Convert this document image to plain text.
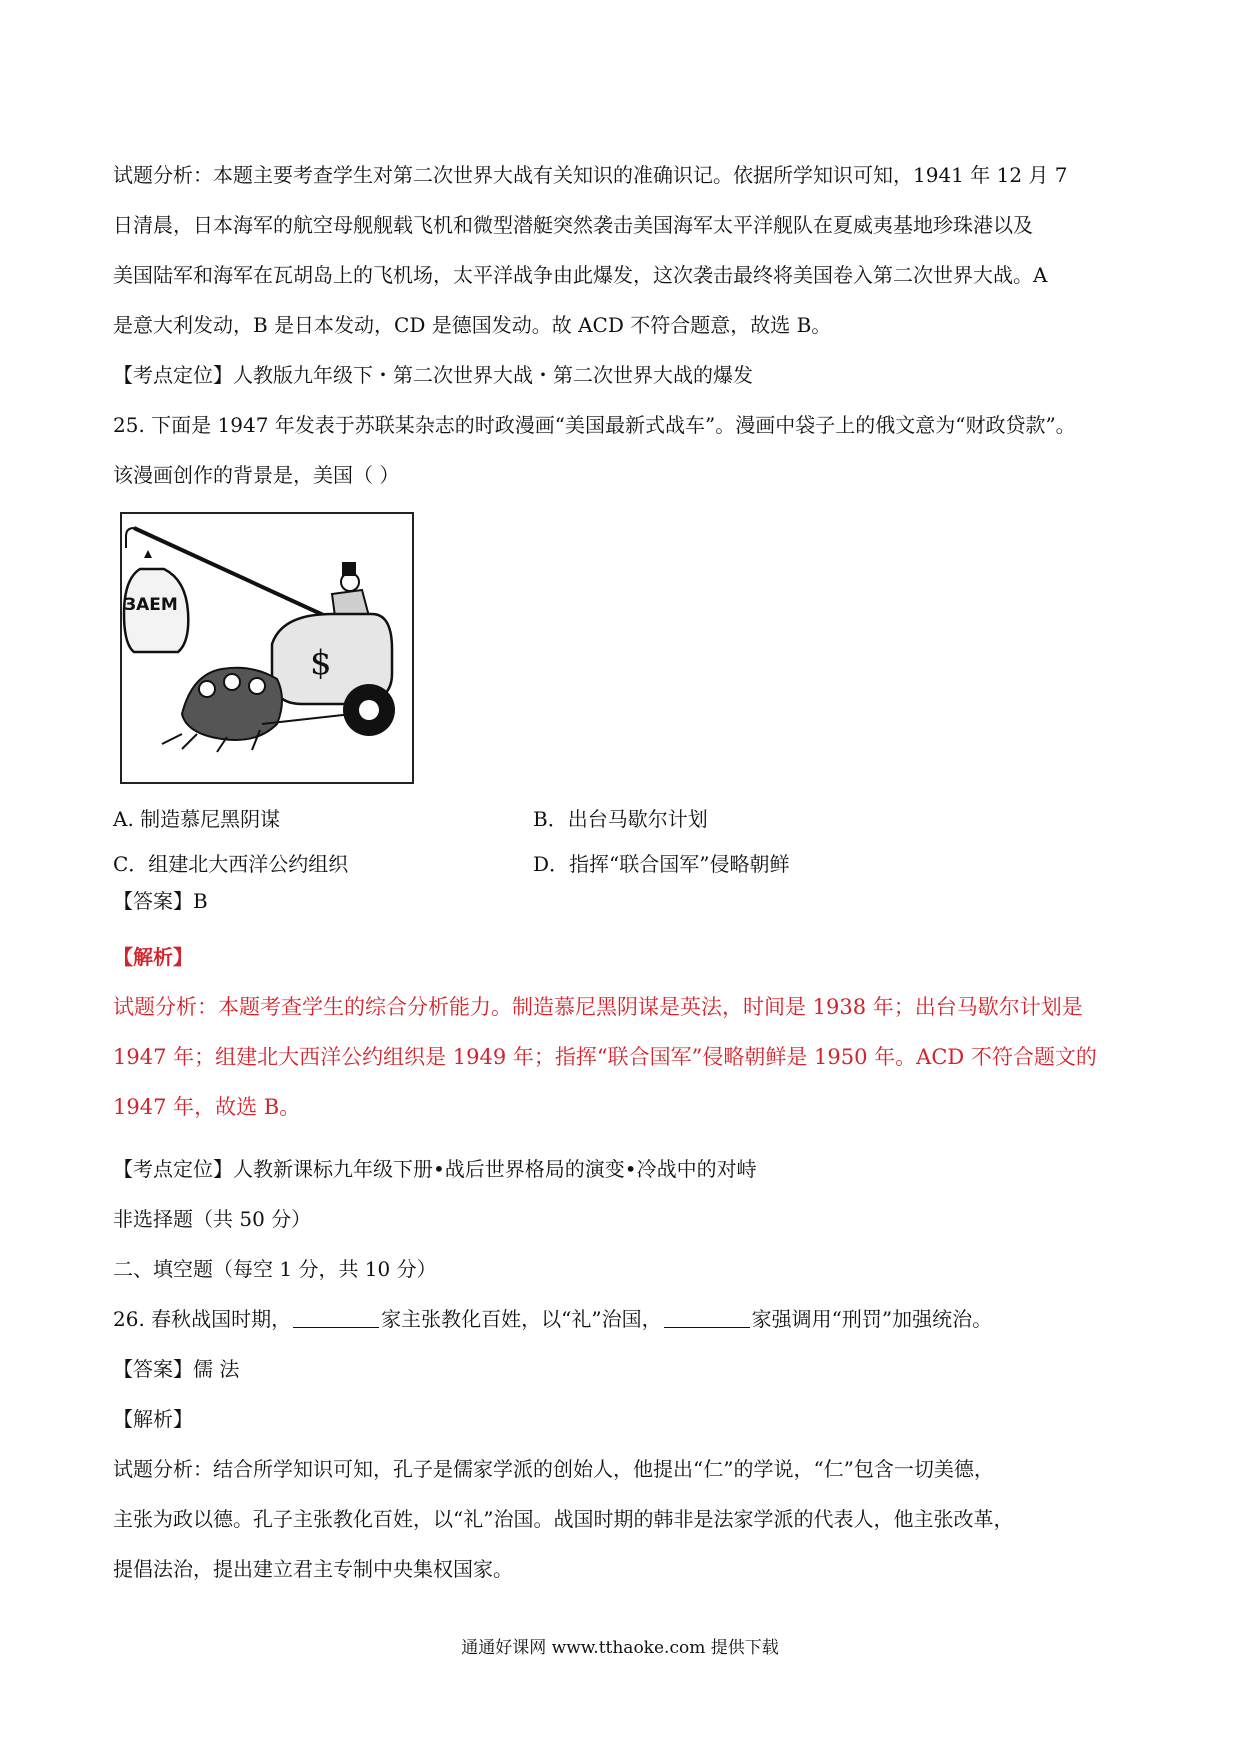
试题分析：本题主要考查学生对第二次世界大战有关知识的准确识记。依据所学知识可知，1941 年 12 月 7

日清晨，日本海军的航空母舰舰载飞机和微型潜艇突然袭击美国海军太平洋舰队在夏威夷基地珍珠港以及

美国陆军和海军在瓦胡岛上的飞机场，太平洋战争由此爆发，这次袭击最终将美国卷入第二次世界大战。A

是意大利发动，B 是日本发动，CD 是德国发动。故 ACD 不符合题意，故选 B。

【考点定位】人教版九年级下・第二次世界大战・第二次世界大战的爆发

25. 下面是 1947 年发表于苏联某杂志的时政漫画“美国最新式战车”。漫画中袋子上的俄文意为“财政贷款”。

该漫画创作的背景是，美国（ ）

ЗАЕМ
$

A. 制造慕尼黑阴谋	B．出台马歇尔计划

C．组建北大西洋公约组织	D．指挥“联合国军”侵略朝鲜

【答案】B

【解析】

试题分析：本题考查学生的综合分析能力。制造慕尼黑阴谋是英法，时间是 1938 年；出台马歇尔计划是

1947 年；组建北大西洋公约组织是 1949 年；指挥“联合国军”侵略朝鲜是 1950 年。ACD 不符合题文的

1947 年，故选 B。

【考点定位】人教新课标九年级下册•战后世界格局的演变•冷战中的对峙

非选择题（共 50 分）

二、填空题（每空 1 分，共 10 分）

26. 春秋战国时期，	家主张教化百姓，以“礼”治国，	家强调用“刑罚”加强统治。

【答案】儒 法

【解析】

试题分析：结合所学知识可知，孔子是儒家学派的创始人，他提出“仁”的学说，“仁”包含一切美德，

主张为政以德。孔子主张教化百姓，以“礼”治国。战国时期的韩非是法家学派的代表人，他主张改革，

提倡法治，提出建立君主专制中央集权国家。

通通好课网 www.tthaoke.com 提供下载
